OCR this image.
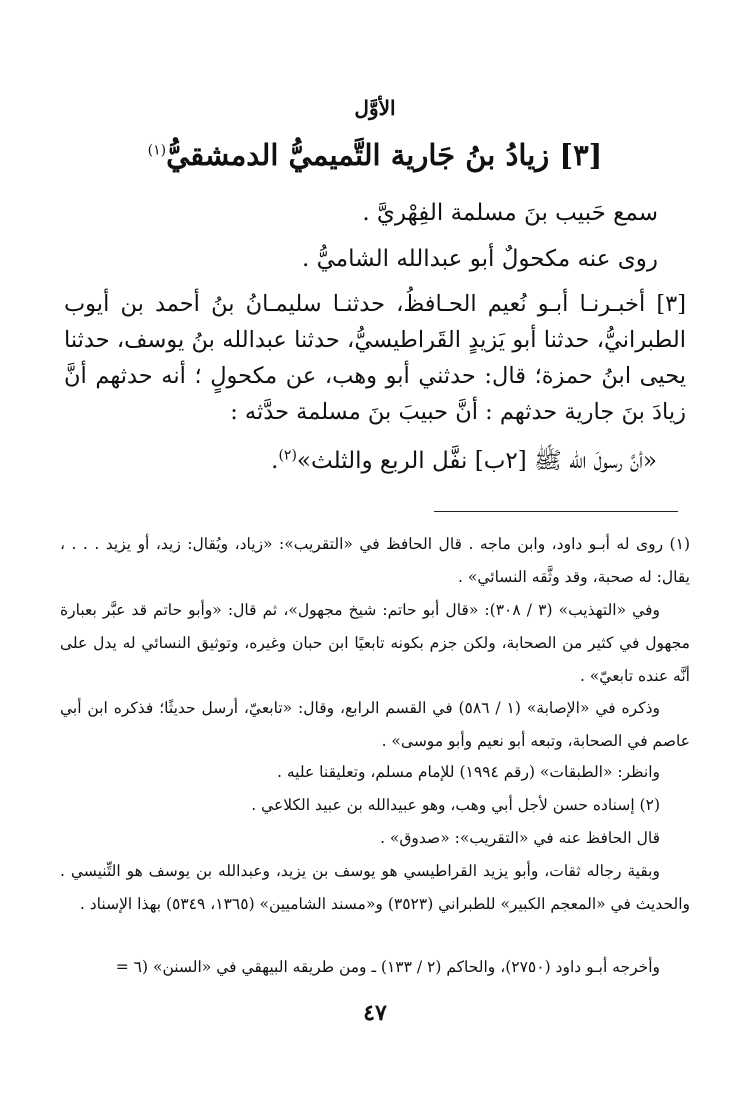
الأوَّل
[٣] زيادُ بنُ جَارية التَّميميُّ الدمشقيُّ$^{(١)}$
سمع حَبيب بنَ مسلمة الفِهْريَّ .
روى عنه مكحولٌ أبو عبدالله الشاميُّ .

[٣] أخبـرنـا أبـو نُعيم الحـافظُ، حدثنـا سليمـانُ بنُ أحمد بن أيوب الطبرانيُّ، حدثنا أبو يَزيدٍ القَراطيسيُّ، حدثنا عبدالله بنُ يوسف، حدثنا يحيى ابنُ حمزة؛ قال: حدثني أبو وهب، عن مكحولٍ ؛ أنه حدثهم أنَّ زيادَ بنَ جارية حدثهم : أنَّ حبيبَ بنَ مسلمة حدَّثه :

«أنَّ رسولَ الله ﷺ [٢ب] نفَّل الربع والثلث»$^{(٢)}$.

(١) روى له أبـو داود، وابن ماجه . قال الحافظ في «التقريب»: «زياد، ويُقال: زيد، أو يزيد . . . ، يقال: له صحبة، وقد وثَّقه النسائي» .

وفي «التهذيب» (٣ / ٣٠٨): «قال أبو حاتم: شيخ مجهول»، ثم قال: «وأبو حاتم قد عبَّر بعبارة مجهول في كثير من الصحابة، ولكن جزم بكونه تابعيًا ابن حبان وغيره، وتوثيق النسائي له يدل على أنَّه عنده تابعيّ» .

وذكره في «الإصابة» (١ / ٥٨٦) في القسم الرابع، وقال: «تابعيّ، أرسل حديثًا؛ فذكره ابن أبي عاصم في الصحابة، وتبعه أبو نعيم وأبو موسى» .

وانظر: «الطبقات» (رقم ١٩٩٤) للإمام مسلم، وتعليقنا عليه .

(٢) إسناده حسن لأجل أبي وهب، وهو عبيدالله بن عبيد الكلاعي .

قال الحافظ عنه في «التقريب»: «صدوق» .

وبقية رجاله ثقات، وأبو يزيد القراطيسي هو يوسف بن يزيد، وعبدالله بن يوسف هو التِّنيسي . والحديث في «المعجم الكبير» للطبراني (٣٥٢٣) و«مسند الشاميين» (١٣٦٥، ٥٣٤٩) بهذا الإسناد .

وأخرجه أبـو داود (٢٧٥٠)، والحاكم (٢ / ١٣٣) ـ ومن طريقه البيهقي في «السنن» (٦ =

٤٧
